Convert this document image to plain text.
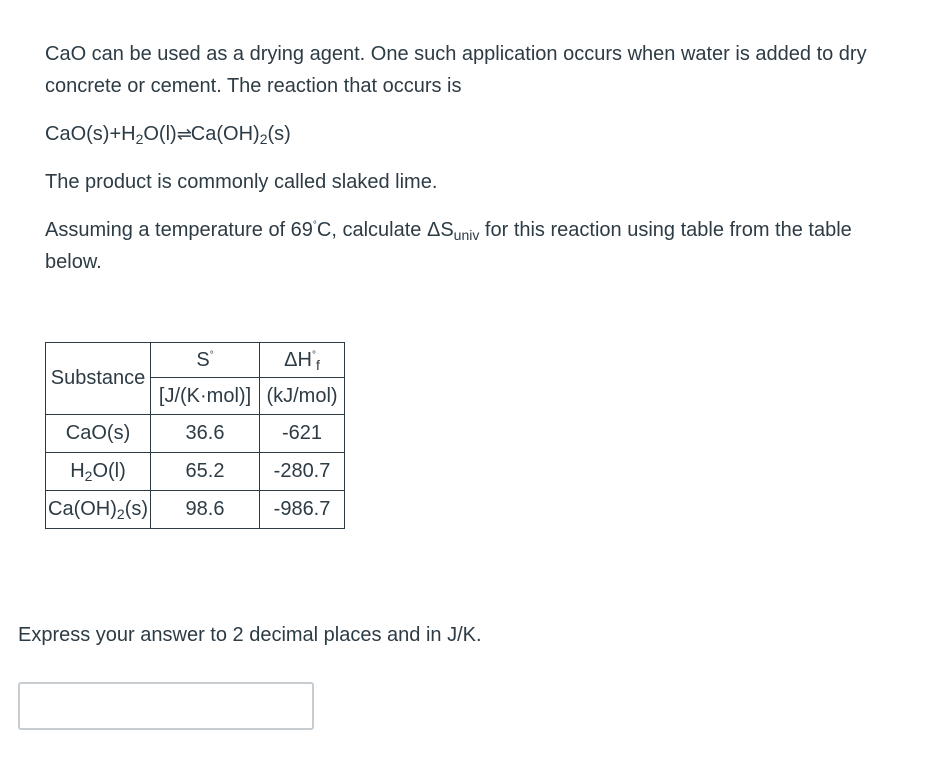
CaO can be used as a drying agent. One such application occurs when water is added to dry
concrete or cement. The reaction that occurs is

$CaO(s)+H_2O(l)\rightleftharpoons Ca(OH)_2(s)$

The product is commonly called slaked lime.

Assuming a temperature of 69°C, calculate $\Delta S_{univ}$ for this reaction using table from the table
below.

Substance	S°	$\Delta H^\circ_f$
	[J/(K·mol)]	(kJ/mol)
CaO(s)	36.6	-621
$H_2O(l)$	65.2	-280.7
$Ca(OH)_2(s)$	98.6	-986.7

Express your answer to 2 decimal places and in J/K.
